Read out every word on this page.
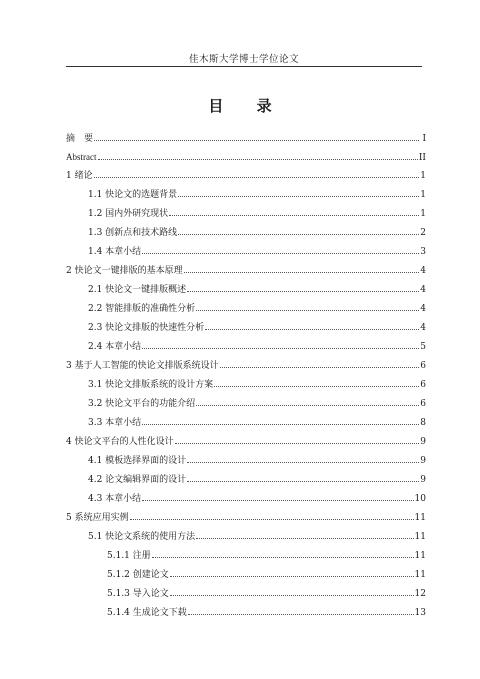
佳木斯大学博士学位论文
目 录
摘　要	I
Abstract	II
1 绪论	1
1.1 快论文的选题背景	1
1.2 国内外研究现状	1
1.3 创新点和技术路线	2
1.4 本章小结	3
2 快论文一键排版的基本原理	4
2.1 快论文一键排版概述	4
2.2 智能排版的准确性分析	4
2.3 快论文排版的快速性分析	4
2.4 本章小结	5
3 基于人工智能的快论文排版系统设计	6
3.1 快论文排版系统的设计方案	6
3.2 快论文平台的功能介绍	6
3.3 本章小结	8
4 快论文平台的人性化设计	9
4.1 模板选择界面的设计	9
4.2 论文编辑界面的设计	9
4.3 本章小结	10
5 系统应用实例	11
5.1 快论文系统的使用方法	11
5.1.1 注册	11
5.1.2 创建论文	11
5.1.3 导入论文	12
5.1.4 生成论文下载	13
